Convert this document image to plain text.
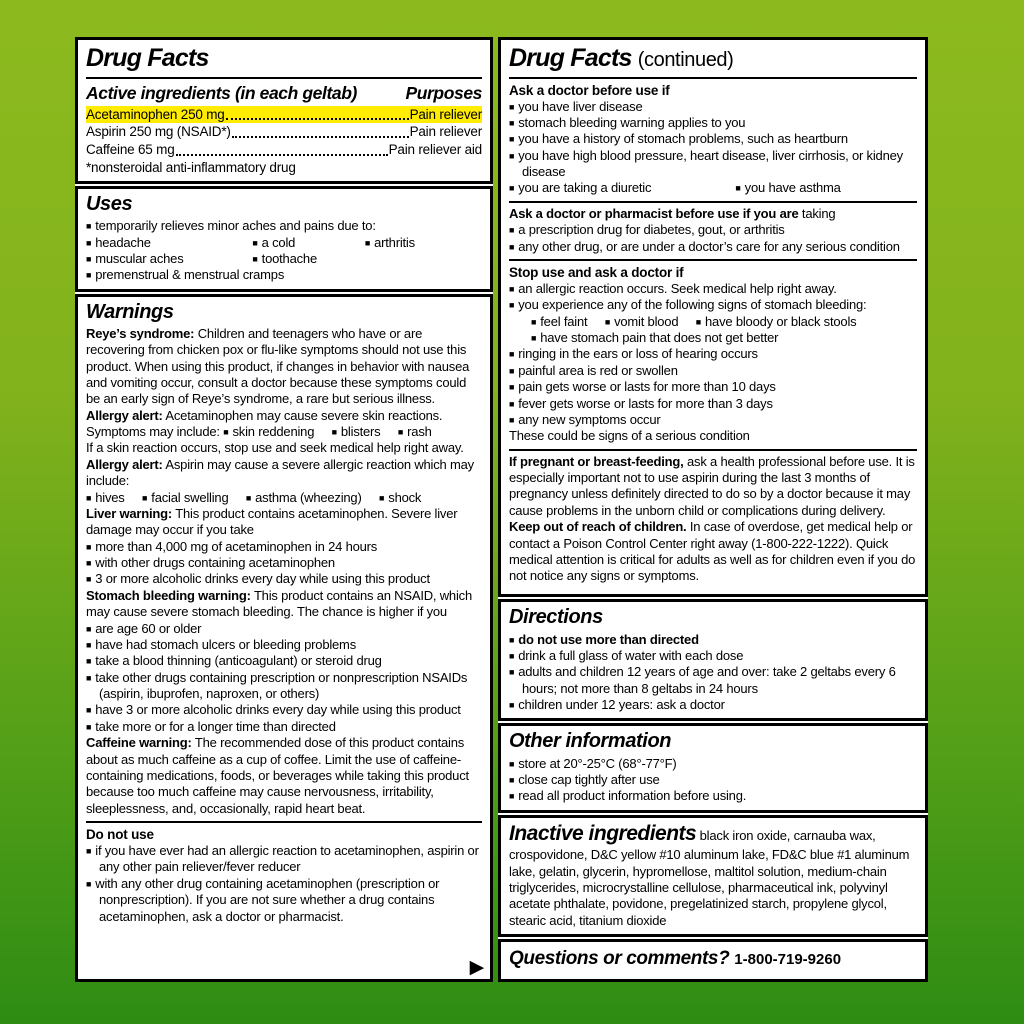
Drug Facts
Active ingredients (in each geltab)	Purposes
Acetaminophen 250 mg	Pain reliever
Aspirin 250 mg (NSAID*)	Pain reliever
Caffeine 65 mg	Pain reliever aid
*nonsteroidal anti-inflammatory drug
Uses
■ temporarily relieves minor aches and pains due to:
■ headache	■ a cold	■ arthritis
■ muscular aches	■ toothache
■ premenstrual & menstrual cramps
Warnings

Reye’s syndrome: Children and teenagers who have or are recovering from chicken pox or flu-like symptoms should not use this product. When using this product, if changes in behavior with nausea and vomiting occur, consult a doctor because these symptoms could be an early sign of Reye’s syndrome, a rare but serious illness.

Allergy alert: Acetaminophen may cause severe skin reactions. Symptoms may include: ■ skin reddening ■ blisters ■ rash

If a skin reaction occurs, stop use and seek medical help right away.

Allergy alert: Aspirin may cause a severe allergic reaction which may include:

■ hives ■ facial swelling ■ asthma (wheezing) ■ shock

Liver warning: This product contains acetaminophen. Severe liver damage may occur if you take

■ more than 4,000 mg of acetaminophen in 24 hours
■ with other drugs containing acetaminophen
■ 3 or more alcoholic drinks every day while using this product

Stomach bleeding warning: This product contains an NSAID, which may cause severe stomach bleeding. The chance is higher if you

■ are age 60 or older
■ have had stomach ulcers or bleeding problems
■ take a blood thinning (anticoagulant) or steroid drug
■ take other drugs containing prescription or nonprescription NSAIDs (aspirin, ibuprofen, naproxen, or others)
■ have 3 or more alcoholic drinks every day while using this product
■ take more or for a longer time than directed

Caffeine warning: The recommended dose of this product contains about as much caffeine as a cup of coffee. Limit the use of caffeine-containing medications, foods, or beverages while taking this product because too much caffeine may cause nervousness, irritability, sleeplessness, and, occasionally, rapid heart beat.

Do not use
■ if you have ever had an allergic reaction to acetaminophen, aspirin or any other pain reliever/fever reducer
■ with any other drug containing acetaminophen (prescription or nonprescription). If you are not sure whether a drug contains acetaminophen, ask a doctor or pharmacist.
▶
Drug Facts (continued)
Ask a doctor before use if
■ you have liver disease
■ stomach bleeding warning applies to you
■ you have a history of stomach problems, such as heartburn
■ you have high blood pressure, heart disease, liver cirrhosis, or kidney disease
■ you are taking a diuretic	■ you have asthma

Ask a doctor or pharmacist before use if you are taking

■ a prescription drug for diabetes, gout, or arthritis
■ any other drug, or are under a doctor’s care for any serious condition
Stop use and ask a doctor if
■ an allergic reaction occurs. Seek medical help right away.
■ you experience any of the following signs of stomach bleeding:
■ feel faint ■ vomit blood ■ have bloody or black stools
■ have stomach pain that does not get better
■ ringing in the ears or loss of hearing occurs
■ painful area is red or swollen
■ pain gets worse or lasts for more than 10 days
■ fever gets worse or lasts for more than 3 days
■ any new symptoms occur
These could be signs of a serious condition

If pregnant or breast-feeding, ask a health professional before use. It is especially important not to use aspirin during the last 3 months of pregnancy unless definitely directed to do so by a doctor because it may cause problems in the unborn child or complications during delivery.

Keep out of reach of children. In case of overdose, get medical help or contact a Poison Control Center right away (1-800-222-1222). Quick medical attention is critical for adults as well as for children even if you do not notice any signs or symptoms.

Directions
■ do not use more than directed
■ drink a full glass of water with each dose
■ adults and children 12 years of age and over: take 2 geltabs every 6 hours; not more than 8 geltabs in 24 hours
■ children under 12 years: ask a doctor
Other information
■ store at 20°-25°C (68°-77°F)
■ close cap tightly after use
■ read all product information before using.

Inactive ingredients black iron oxide, carnauba wax, crospovidone, D&C yellow #10 aluminum lake, FD&C blue #1 aluminum lake, gelatin, glycerin, hypromellose, maltitol solution, medium-chain triglycerides, microcrystalline cellulose, pharmaceutical ink, polyvinyl acetate phthalate, povidone, pregelatinized starch, propylene glycol, stearic acid, titanium dioxide

Questions or comments? 1-800-719-9260
